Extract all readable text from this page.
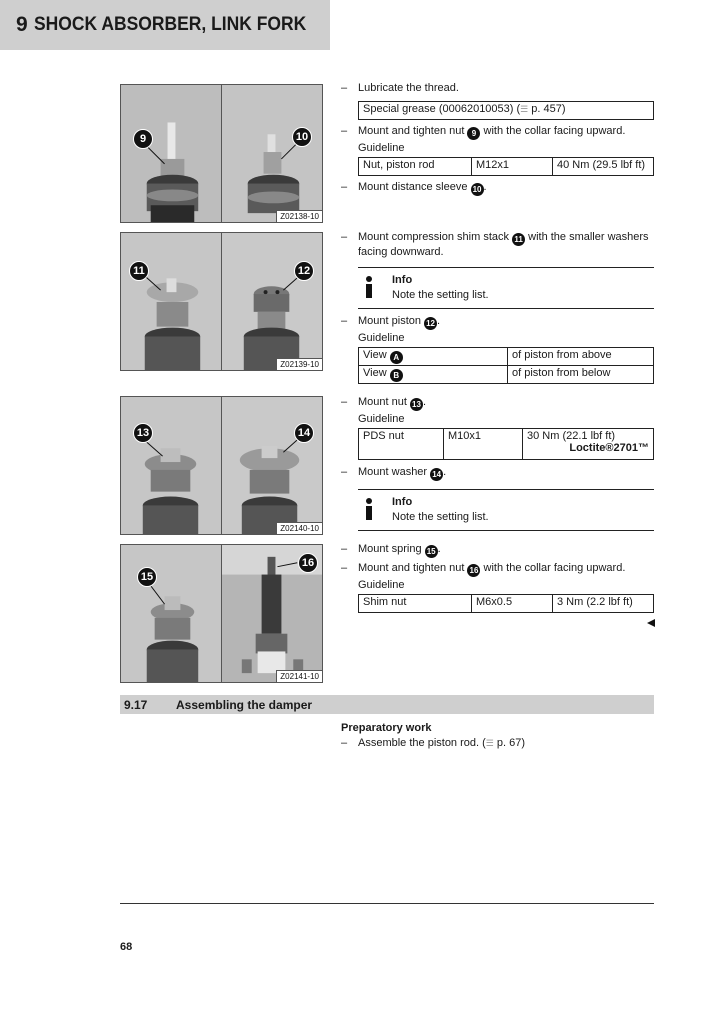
9 SHOCK ABSORBER, LINK FORK
9	10
Z02138-10
11	12
Z02139-10
13	14
Z02140-10
15
16
Z02141-10
– Lubricate the thread.
Special grease (00062010053) (☰ p. 457)
– Mount and tighten nut 9 with the collar facing upward.
Guideline
Nut, piston rod	M12x1	40 Nm (29.5 lbf ft)
– Mount distance sleeve 10 .
– Mount compression shim stack 11 with the smaller washers
facing downward.
Info
Note the setting list.
– Mount piston 12 .
Guideline
View A	of piston from above
View B	of piston from below
– Mount nut 13 .
Guideline
PDS nut	M10x1	30 Nm (22.1 lbf ft)
Loctite®2701™
– Mount washer 14 .
Info
Note the setting list.
– Mount spring 15 .
– Mount and tighten nut 16 with the collar facing upward.
Guideline
Shim nut	M6x0.5	3 Nm (2.2 lbf ft)
9.17	Assembling the damper
Preparatory work
– Assemble the piston rod. (☰ p. 67)
68
